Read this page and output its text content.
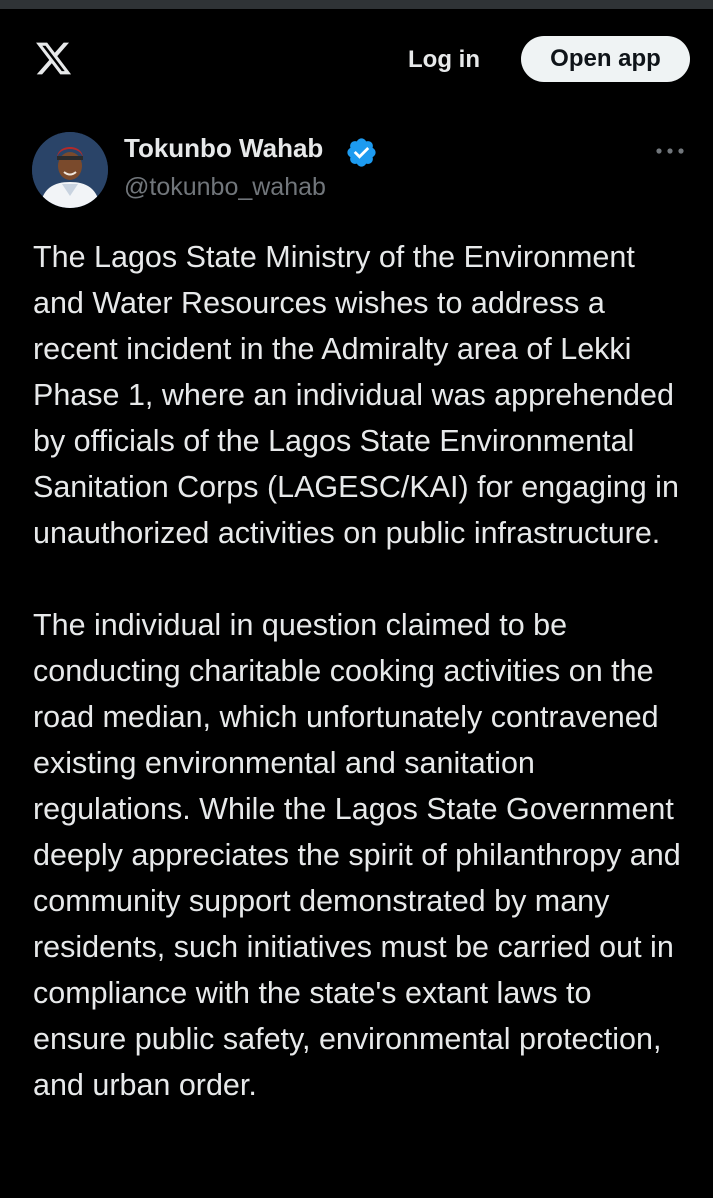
Log in	Open app
Tokunbo Wahab
@tokunbo_wahab

The Lagos State Ministry of the Environment and Water Resources wishes to address a recent incident in the Admiralty area of Lekki Phase 1, where an individual was apprehended by officials of the Lagos State Environmental Sanitation Corps (LAGESC/KAI) for engaging in unauthorized activities on public infrastructure.

The individual in question claimed to be conducting charitable cooking activities on the road median, which unfortunately contravened existing environmental and sanitation regulations. While the Lagos State Government deeply appreciates the spirit of philanthropy and community support demonstrated by many residents, such initiatives must be carried out in compliance with the state's extant laws to ensure public safety, environmental protection, and urban order.
